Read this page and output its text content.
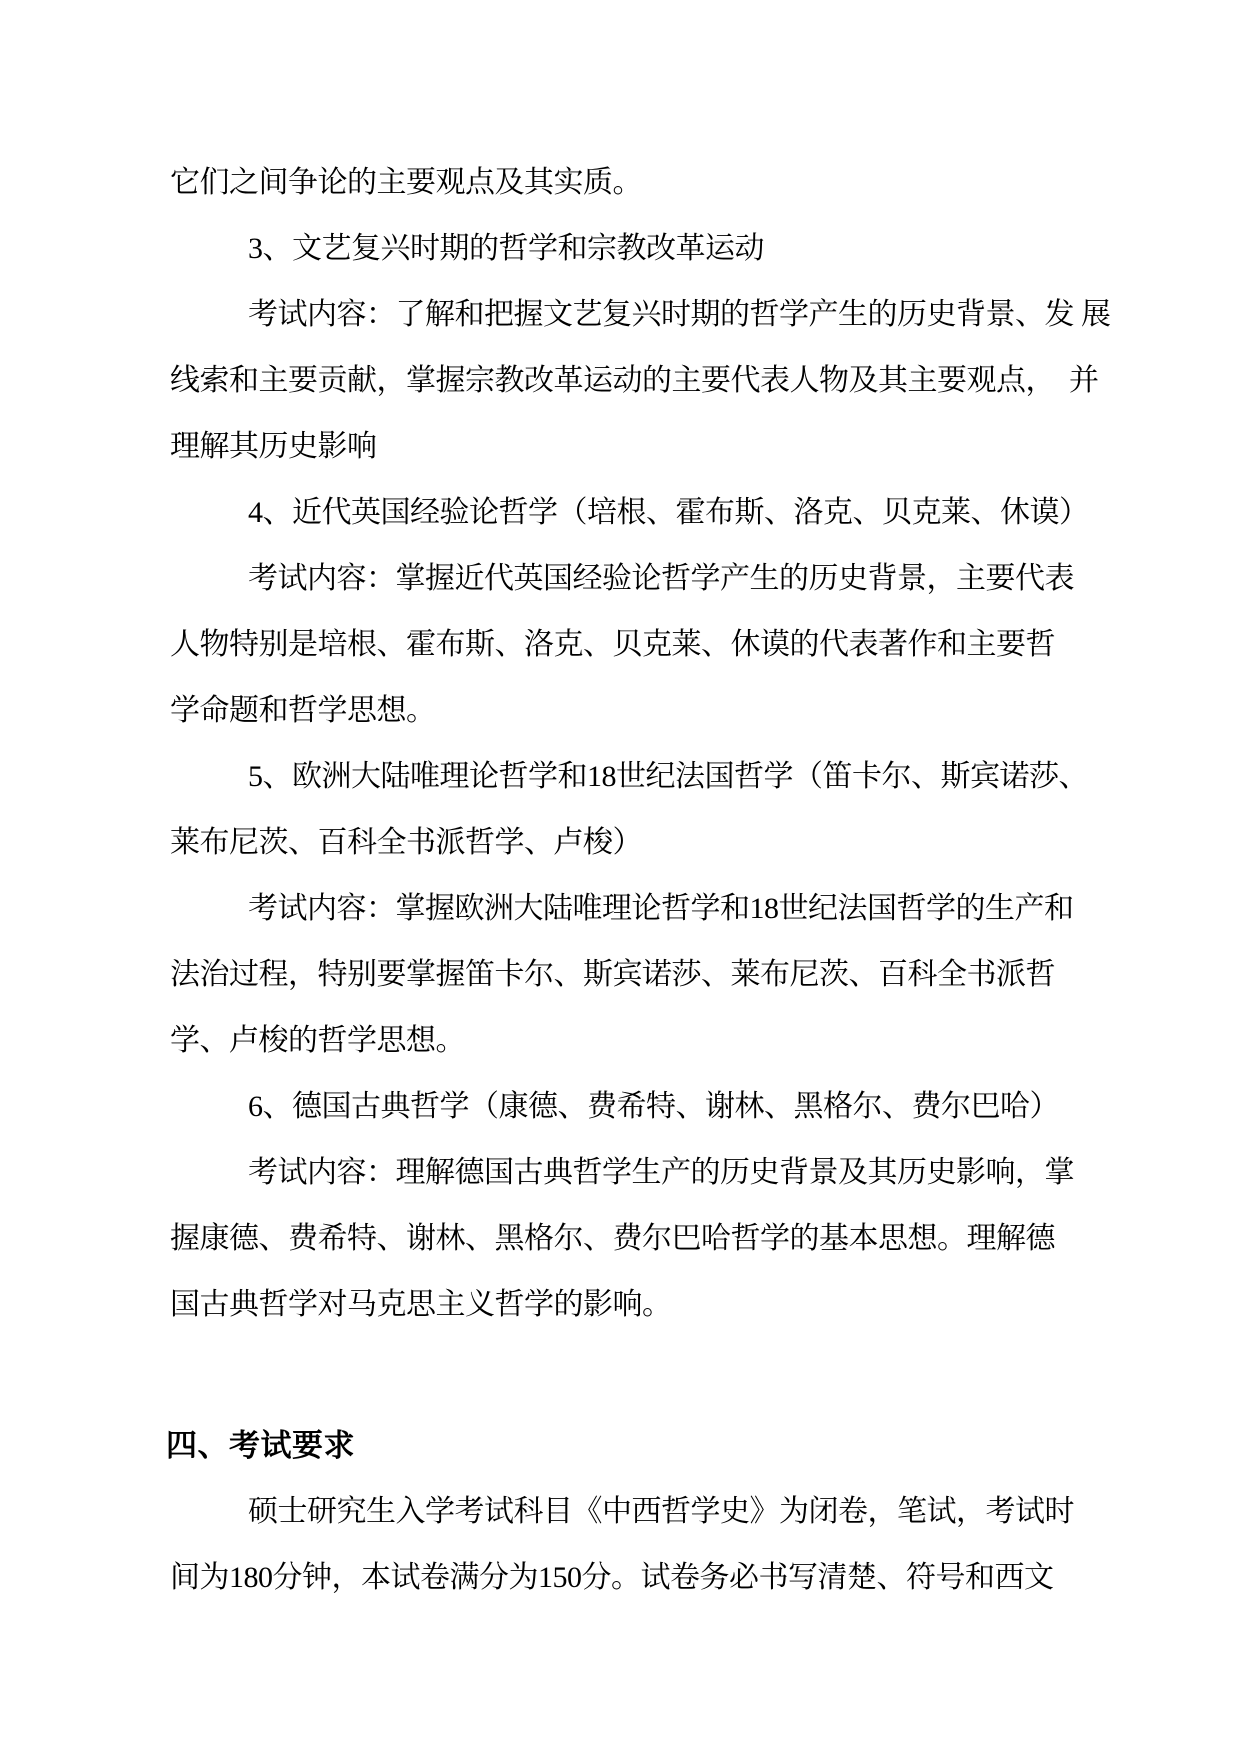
它们之间争论的主要观点及其实质。
3、文艺复兴时期的哲学和宗教改革运动
考试内容：了解和把握文艺复兴时期的哲学产生的历史背景、发 展
线索和主要贡献，掌握宗教改革运动的主要代表人物及其主要观点，  并
理解其历史影响
4、近代英国经验论哲学（培根、霍布斯、洛克、贝克莱、休谟）
考试内容：掌握近代英国经验论哲学产生的历史背景，主要代表
人物特别是培根、霍布斯、洛克、贝克莱、休谟的代表著作和主要哲
学命题和哲学思想。
5、欧洲大陆唯理论哲学和18世纪法国哲学（笛卡尔、斯宾诺莎、
莱布尼茨、百科全书派哲学、卢梭）
考试内容：掌握欧洲大陆唯理论哲学和18世纪法国哲学的生产和
法治过程，特别要掌握笛卡尔、斯宾诺莎、莱布尼茨、百科全书派哲
学、卢梭的哲学思想。
6、德国古典哲学（康德、费希特、谢林、黑格尔、费尔巴哈）
考试内容：理解德国古典哲学生产的历史背景及其历史影响，掌
握康德、费希特、谢林、黑格尔、费尔巴哈哲学的基本思想。理解德
国古典哲学对马克思主义哲学的影响。
四、考试要求
硕士研究生入学考试科目《中西哲学史》为闭卷，笔试，考试时
间为180分钟，本试卷满分为150分。试卷务必书写清楚、符号和西文
